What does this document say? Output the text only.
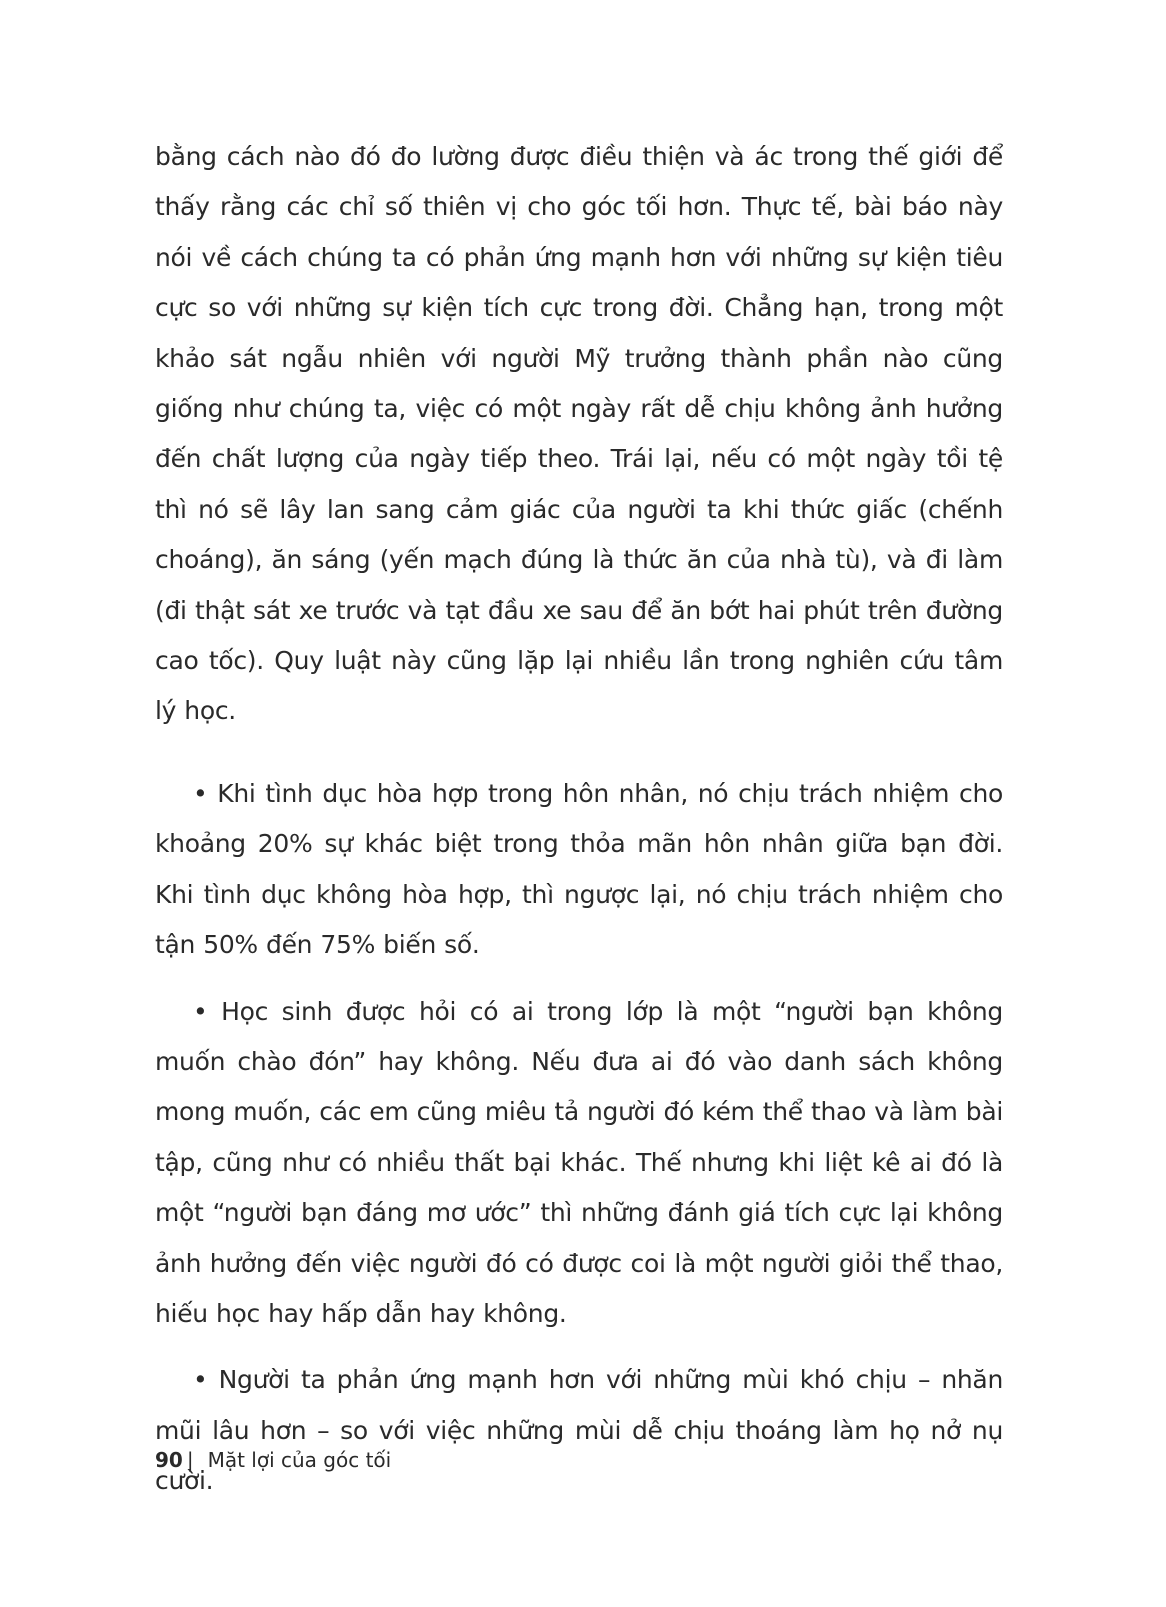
bằng cách nào đó đo lường được điều thiện và ác trong thế giới để thấy rằng các chỉ số thiên vị cho góc tối hơn. Thực tế, bài báo này nói về cách chúng ta có phản ứng mạnh hơn với những sự kiện tiêu cực so với những sự kiện tích cực trong đời. Chẳng hạn, trong một khảo sát ngẫu nhiên với người Mỹ trưởng thành phần nào cũng giống như chúng ta, việc có một ngày rất dễ chịu không ảnh hưởng đến chất lượng của ngày tiếp theo. Trái lại, nếu có một ngày tồi tệ thì nó sẽ lây lan sang cảm giác của người ta khi thức giấc (chếnh choáng), ăn sáng (yến mạch đúng là thức ăn của nhà tù), và đi làm (đi thật sát xe trước và tạt đầu xe sau để ăn bớt hai phút trên đường cao tốc). Quy luật này cũng lặp lại nhiều lần trong nghiên cứu tâm lý học.

• Khi tình dục hòa hợp trong hôn nhân, nó chịu trách nhiệm cho khoảng 20% sự khác biệt trong thỏa mãn hôn nhân giữa bạn đời. Khi tình dục không hòa hợp, thì ngược lại, nó chịu trách nhiệm cho tận 50% đến 75% biến số.

• Học sinh được hỏi có ai trong lớp là một “người bạn không muốn chào đón” hay không. Nếu đưa ai đó vào danh sách không mong muốn, các em cũng miêu tả người đó kém thể thao và làm bài tập, cũng như có nhiều thất bại khác. Thế nhưng khi liệt kê ai đó là một “người bạn đáng mơ ước” thì những đánh giá tích cực lại không ảnh hưởng đến việc người đó có được coi là một người giỏi thể thao, hiếu học hay hấp dẫn hay không.

• Người ta phản ứng mạnh hơn với những mùi khó chịu – nhăn mũi lâu hơn – so với việc những mùi dễ chịu thoáng làm họ nở nụ cười.

90 | Mặt lợi của góc tối
